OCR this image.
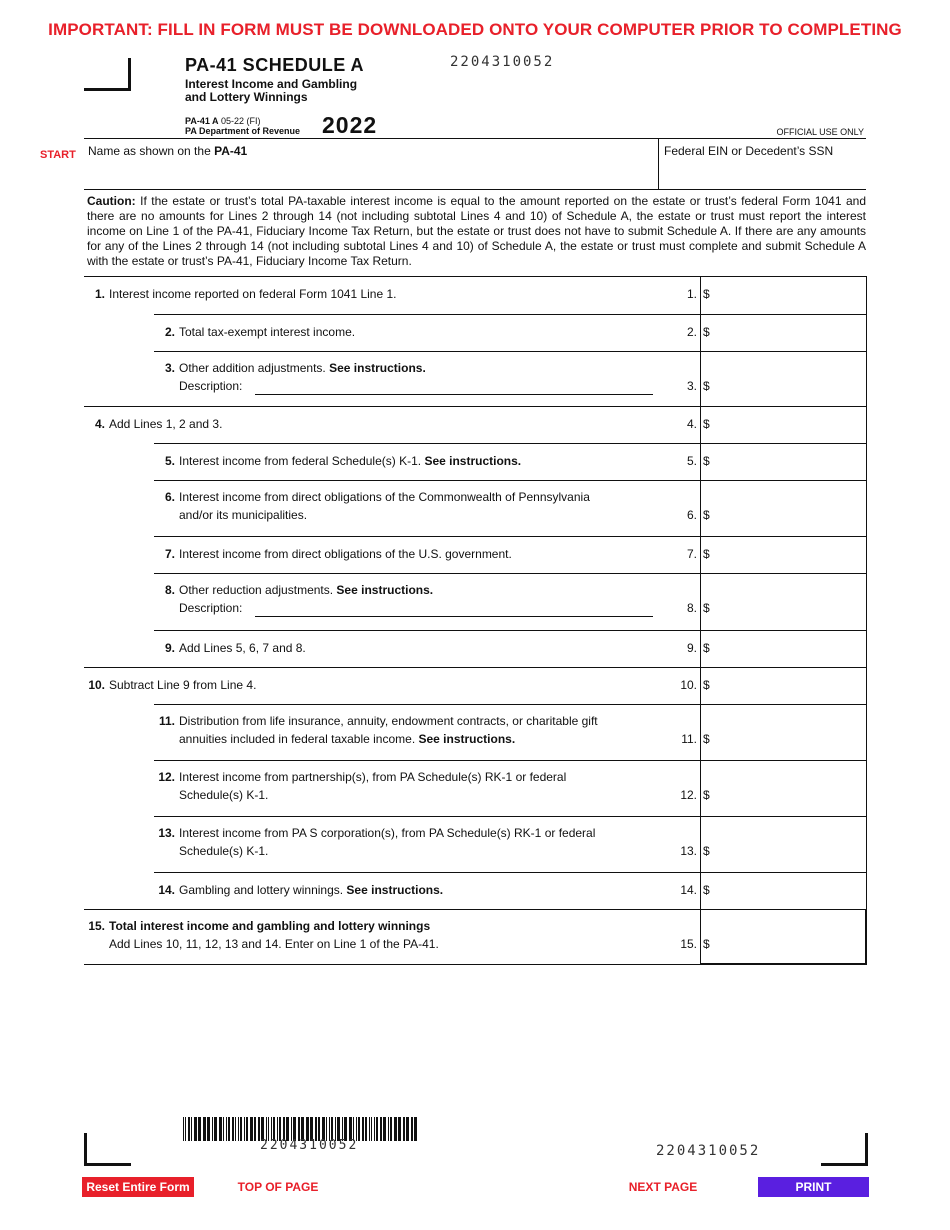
IMPORTANT: FILL IN FORM MUST BE DOWNLOADED ONTO YOUR COMPUTER PRIOR TO COMPLETING
PA-41 SCHEDULE A	2204310052
Interest Income and Gambling
and Lottery Winnings
PA-41 A 05-22 (FI)
PA Department of Revenue 2022	OFFICIAL USE ONLY
START Name as shown on the PA-41	Federal EIN or Decedent’s SSN
Caution: If the estate or trust’s total PA-taxable interest income is equal to the amount reported on the estate or trust’s federal Form 1041 and there are no amounts for Lines 2 through 14 (not including subtotal Lines 4 and 10) of Schedule A, the estate or trust must report the interest income on Line 1 of the PA-41, Fiduciary Income Tax Return, but the estate or trust does not have to submit Schedule A. If there are any amounts for any of the Lines 2 through 14 (not including subtotal Lines 4 and 10) of Schedule A, the estate or trust must complete and submit Schedule A with the estate or trust’s PA-41, Fiduciary Income Tax Return.
1. Interest income reported on federal Form 1041 Line 1.	1. $
2. Total tax-exempt interest income.	2. $
3. Other addition adjustments. See instructions.
Description:	3. $
4. Add Lines 1, 2 and 3.	4. $
5. Interest income from federal Schedule(s) K-1. See instructions.	5. $
6. Interest income from direct obligations of the Commonwealth of Pennsylvania
and/or its municipalities.	6. $
7. Interest income from direct obligations of the U.S. government.	7. $
8. Other reduction adjustments. See instructions.
Description:	8. $
9. Add Lines 5, 6, 7 and 8.	9. $
10. Subtract Line 9 from Line 4.	10. $
11. Distribution from life insurance, annuity, endowment contracts, or charitable gift
annuities included in federal taxable income. See instructions.	11. $
12. Interest income from partnership(s), from PA Schedule(s) RK-1 or federal
Schedule(s) K-1.	12. $
13. Interest income from PA S corporation(s), from PA Schedule(s) RK-1 or federal
Schedule(s) K-1.	13. $
14. Gambling and lottery winnings. See instructions.	14. $
15. Total interest income and gambling and lottery winnings
Add Lines 10, 11, 12, 13 and 14. Enter on Line 1 of the PA-41.	15. $
2204310052	2204310052
Reset Entire Form	TOP OF PAGE	NEXT PAGE	PRINT
